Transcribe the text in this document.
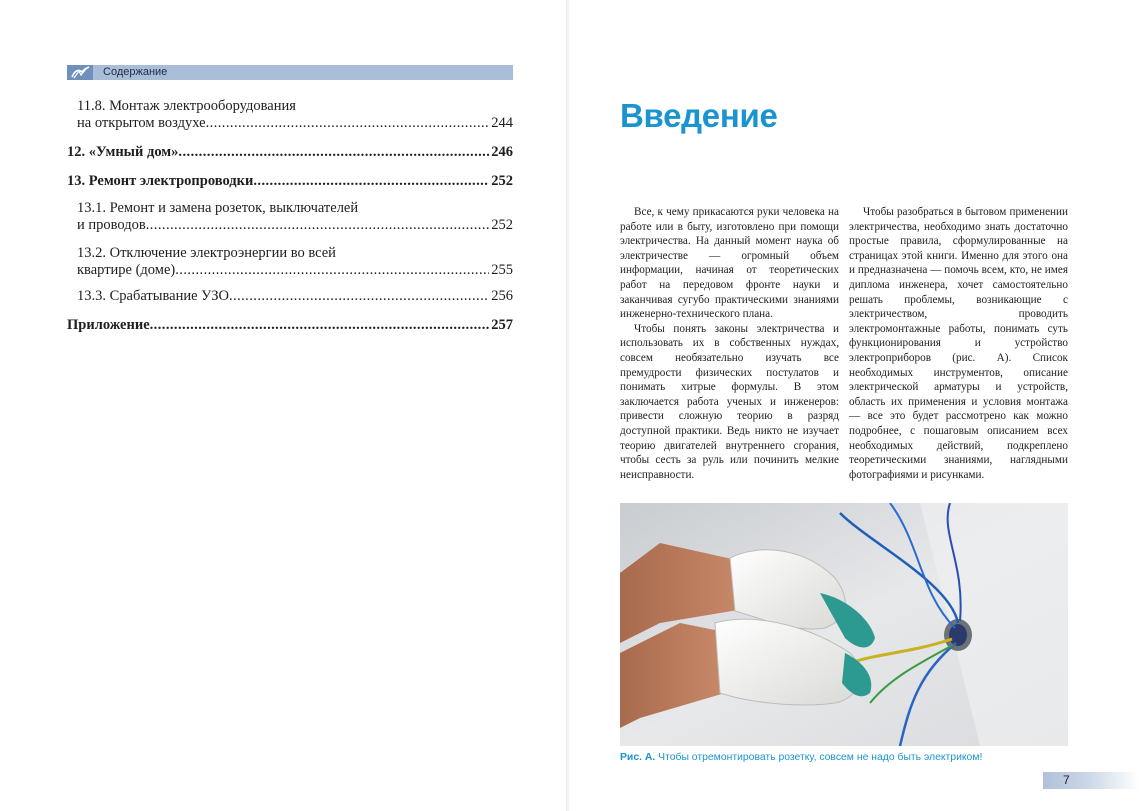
Содержание
11.8. Монтаж электрооборудования
на открытом воздухе . . .	244
12. «Умный дом» . . .	246
13. Ремонт электропроводки . . .	252
13.1. Ремонт и замена розеток, выключателей
и проводов . . .	252
13.2. Отключение электроэнергии во всей
квартире (доме) . . .	255
13.3. Срабатывание УЗО . . .	256
Приложение . . .	257
Введение

Все, к чему прикасаются руки человека на работе или в быту, изготовлено при помощи электричества. На данный момент наука об электричестве — огромный объем информации, начиная от теоретических работ на передовом фронте науки и заканчивая сугубо практическими знаниями инженерно-технического плана.

Чтобы понять законы электричества и использовать их в собственных нуждах, совсем необязательно изучать все премудрости физических постулатов и понимать хитрые формулы. В этом заключается работа ученых и инженеров: привести сложную теорию в разряд доступной практики. Ведь никто не изучает теорию двигателей внутреннего сгорания, чтобы сесть за руль или починить мелкие неисправности.

Чтобы разобраться в бытовом применении электричества, необходимо знать достаточно простые правила, сформулированные на страницах этой книги. Именно для этого она и предназначена — помочь всем, кто, не имея диплома инженера, хочет самостоятельно решать проблемы, возникающие с электричеством, проводить электромонтажные работы, понимать суть функционирования и устройство электроприборов (рис. А). Список необходимых инструментов, описание электрической арматуры и устройств, область их применения и условия монтажа — все это будет рассмотрено как можно подробнее, с пошаговым описанием всех необходимых действий, подкреплено теоретическими знаниями, наглядными фотографиями и рисунками.

Рис. А. Чтобы отремонтировать розетку, совсем не надо быть электриком!
7
